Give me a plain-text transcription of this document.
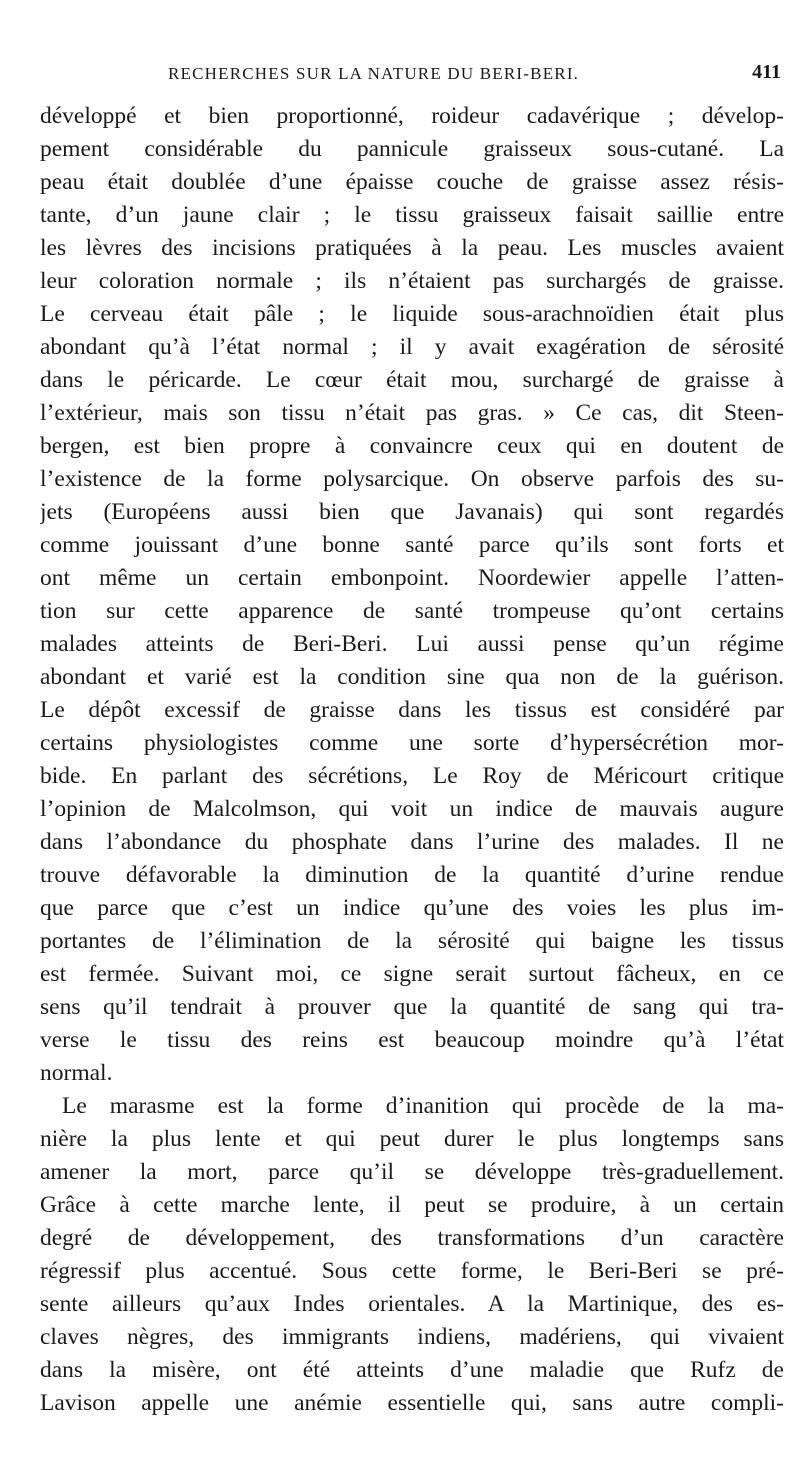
RECHERCHES SUR LA NATURE DU BERI-BERI.	411
développé et bien proportionné, roideur cadavérique ; dévelop-
pement considérable du pannicule graisseux sous-cutané. La
peau était doublée d’une épaisse couche de graisse assez résis-
tante, d’un jaune clair ; le tissu graisseux faisait saillie entre
les lèvres des incisions pratiquées à la peau. Les muscles avaient
leur coloration normale ; ils n’étaient pas surchargés de graisse.
Le cerveau était pâle ; le liquide sous-arachnoïdien était plus
abondant qu’à l’état normal ; il y avait exagération de sérosité
dans le péricarde. Le cœur était mou, surchargé de graisse à
l’extérieur, mais son tissu n’était pas gras. » Ce cas, dit Steen-
bergen, est bien propre à convaincre ceux qui en doutent de
l’existence de la forme polysarcique. On observe parfois des su-
jets (Européens aussi bien que Javanais) qui sont regardés
comme jouissant d’une bonne santé parce qu’ils sont forts et
ont même un certain embonpoint. Noordewier appelle l’atten-
tion sur cette apparence de santé trompeuse qu’ont certains
malades atteints de Beri-Beri. Lui aussi pense qu’un régime
abondant et varié est la condition sine qua non de la guérison.
Le dépôt excessif de graisse dans les tissus est considéré par
certains physiologistes comme une sorte d’hypersécrétion mor-
bide. En parlant des sécrétions, Le Roy de Méricourt critique
l’opinion de Malcolmson, qui voit un indice de mauvais augure
dans l’abondance du phosphate dans l’urine des malades. Il ne
trouve défavorable la diminution de la quantité d’urine rendue
que parce que c’est un indice qu’une des voies les plus im-
portantes de l’élimination de la sérosité qui baigne les tissus
est fermée. Suivant moi, ce signe serait surtout fâcheux, en ce
sens qu’il tendrait à prouver que la quantité de sang qui tra-
verse le tissu des reins est beaucoup moindre qu’à l’état
normal.
Le marasme est la forme d’inanition qui procède de la ma-
nière la plus lente et qui peut durer le plus longtemps sans
amener la mort, parce qu’il se développe très-graduellement.
Grâce à cette marche lente, il peut se produire, à un certain
degré de développement, des transformations d’un caractère
régressif plus accentué. Sous cette forme, le Beri-Beri se pré-
sente ailleurs qu’aux Indes orientales. A la Martinique, des es-
claves nègres, des immigrants indiens, madériens, qui vivaient
dans la misère, ont été atteints d’une maladie que Rufz de
Lavison appelle une anémie essentielle qui, sans autre compli-
